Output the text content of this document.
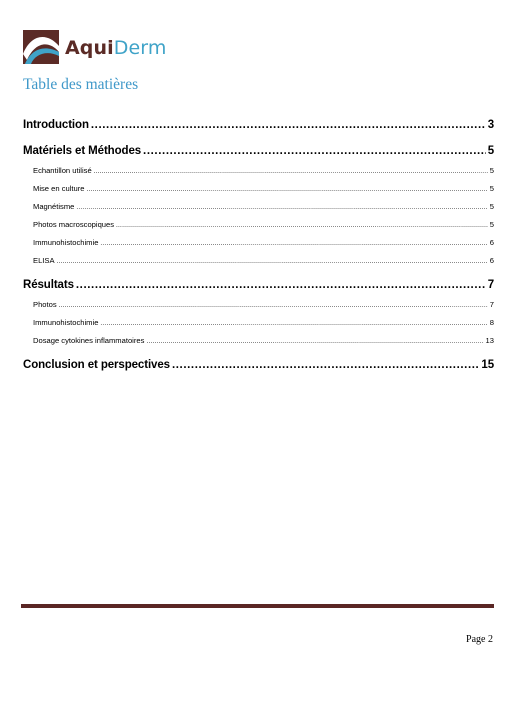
AquiDerm
Table des matières
Introduction .....	3
Matériels et Méthodes .....	5
Echantillon utilisé .....	5
Mise en culture .....	5
Magnétisme .....	5
Photos macroscopiques .....	5
Immunohistochimie .....	6
ELISA .....	6
Résultats .....	7
Photos .....	7
Immunohistochimie .....	8
Dosage cytokines inflammatoires .....	13
Conclusion et perspectives .....	15
Page 2
